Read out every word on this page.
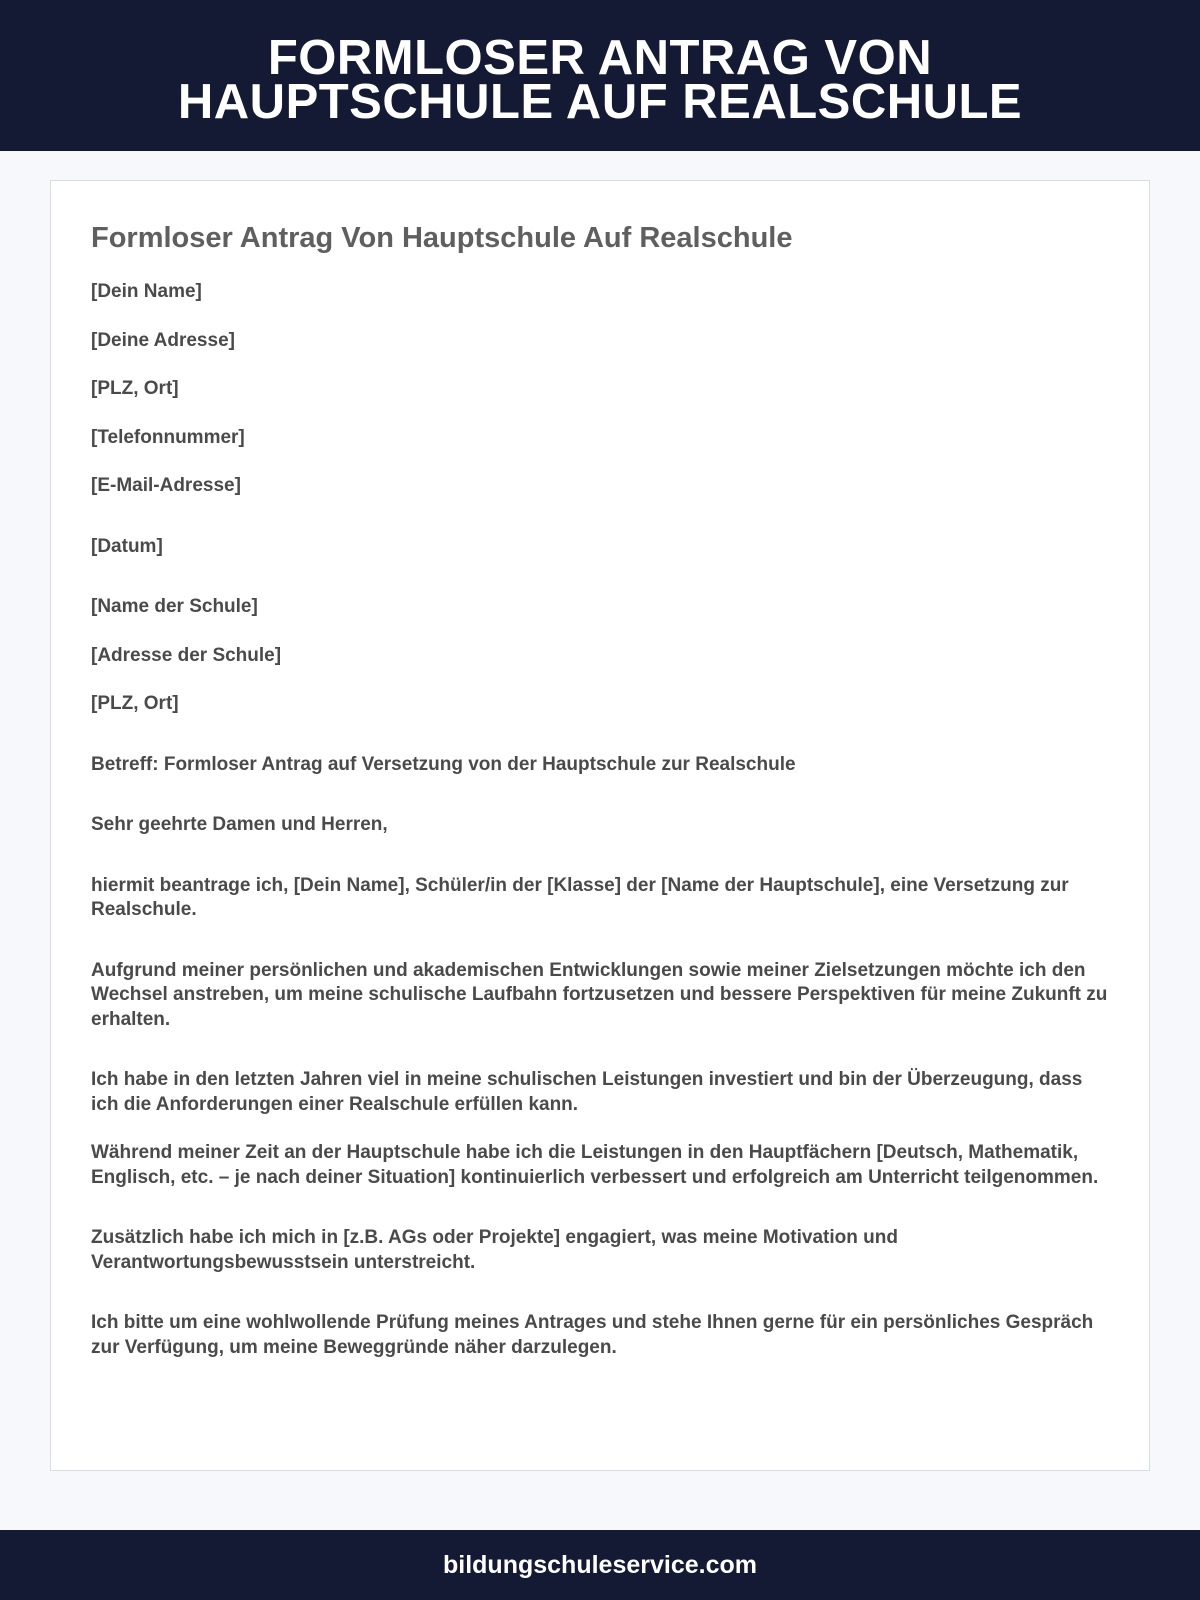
FORMLOSER ANTRAG VON HAUPTSCHULE AUF REALSCHULE
Formloser Antrag Von Hauptschule Auf Realschule
[Dein Name]
[Deine Adresse]
[PLZ, Ort]
[Telefonnummer]
[E-Mail-Adresse]
[Datum]
[Name der Schule]
[Adresse der Schule]
[PLZ, Ort]

Betreff: Formloser Antrag auf Versetzung von der Hauptschule zur Realschule

Sehr geehrte Damen und Herren,

hiermit beantrage ich, [Dein Name], Schüler/in der [Klasse] der [Name der Hauptschule], eine Versetzung zur Realschule.

Aufgrund meiner persönlichen und akademischen Entwicklungen sowie meiner Zielsetzungen möchte ich den Wechsel anstreben, um meine schulische Laufbahn fortzusetzen und bessere Perspektiven für meine Zukunft zu erhalten.

Ich habe in den letzten Jahren viel in meine schulischen Leistungen investiert und bin der Überzeugung, dass ich die Anforderungen einer Realschule erfüllen kann.

Während meiner Zeit an der Hauptschule habe ich die Leistungen in den Hauptfächern [Deutsch, Mathematik, Englisch, etc. – je nach deiner Situation] kontinuierlich verbessert und erfolgreich am Unterricht teilgenommen.

Zusätzlich habe ich mich in [z.B. AGs oder Projekte] engagiert, was meine Motivation und Verantwortungsbewusstsein unterstreicht.

Ich bitte um eine wohlwollende Prüfung meines Antrages und stehe Ihnen gerne für ein persönliches Gespräch zur Verfügung, um meine Beweggründe näher darzulegen.

bildungschuleservice.com
